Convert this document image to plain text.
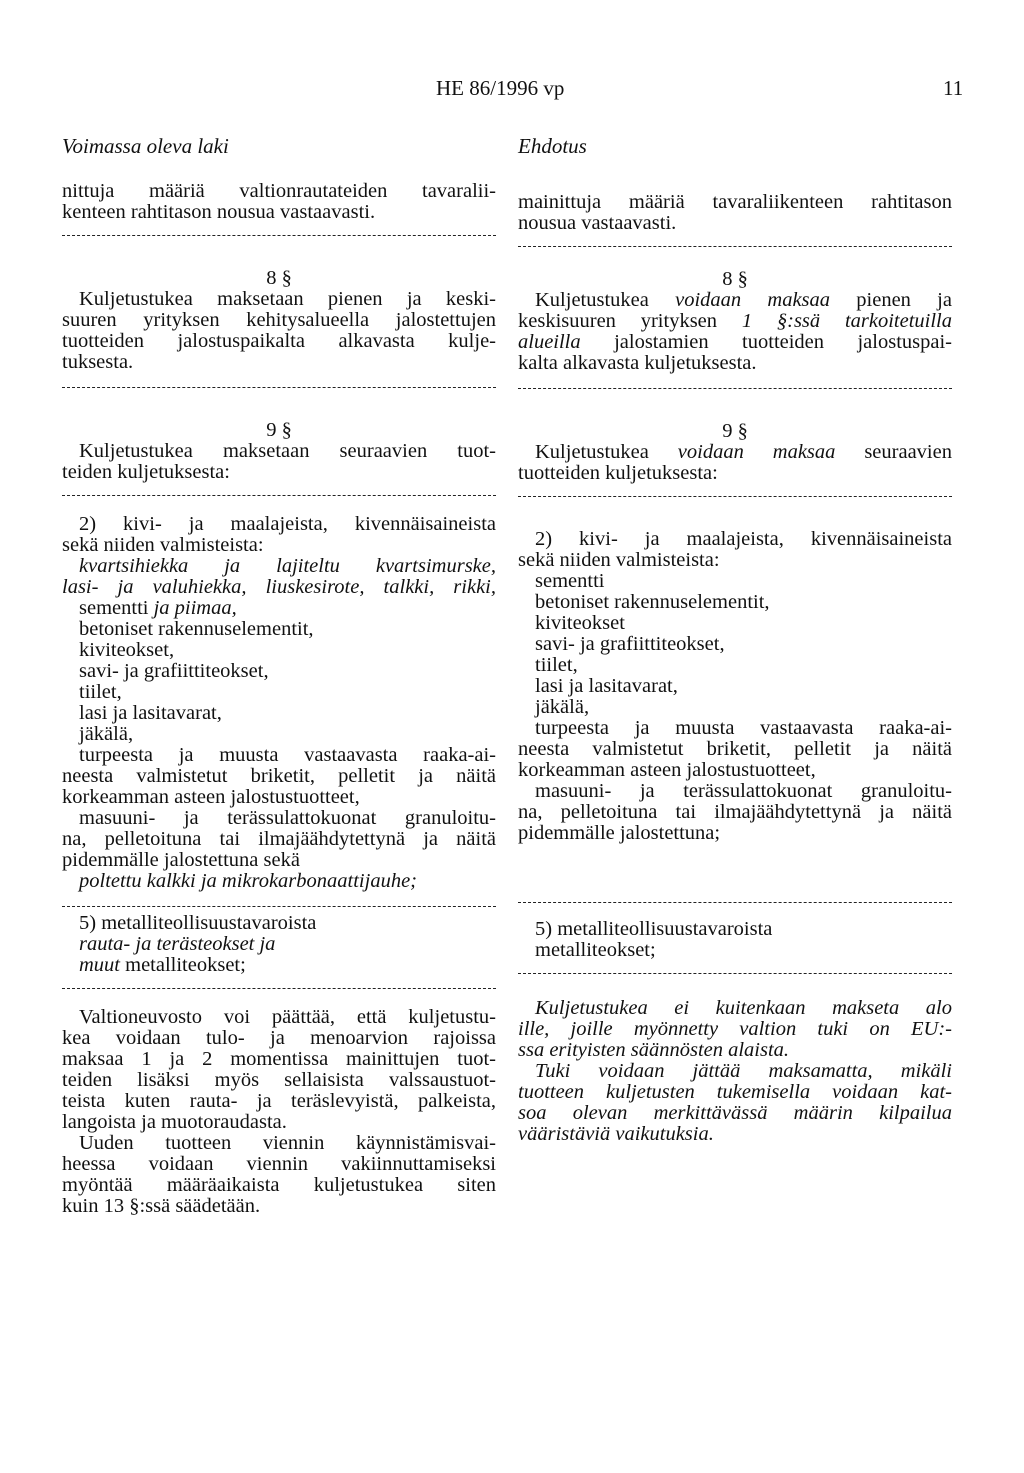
HE 86/1996 vp	11
Voimassa oleva laki	Ehdotus

nittuja määriä valtionrautateiden tavaralii-
kenteen rahtitason nousua vastaavasti.

8 §

Kuljetustukea maksetaan pienen ja keski-
suuren yrityksen kehitysalueella jalostettujen
tuotteiden jalostuspaikalta alkavasta kulje-
tuksesta.

9 §

Kuljetustukea maksetaan seuraavien tuot-
teiden kuljetuksesta:

2) kivi- ja maalajeista, kivennäisaineista
sekä niiden valmisteista:
kvartsihiekka ja lajiteltu kvartsimurske,
lasi- ja valuhiekka, liuskesirote, talkki, rikki,
sementti ja piimaa,
betoniset rakennuselementit,
kiviteokset,
savi- ja grafiittiteokset,
tiilet,
lasi ja lasitavarat,
jäkälä,
turpeesta ja muusta vastaavasta raaka-ai-
neesta valmistetut briketit, pelletit ja näitä
korkeamman asteen jalostustuotteet,
masuuni- ja terässulattokuonat granuloitu-
na, pelletoituna tai ilmajäähdytettynä ja näitä
pidemmälle jalostettuna sekä
poltettu kalkki ja mikrokarbonaattijauhe;

5) metalliteollisuustavaroista
rauta- ja terästeokset ja
muut metalliteokset;

Valtioneuvosto voi päättää, että kuljetustu-
kea voidaan tulo- ja menoarvion rajoissa
maksaa 1 ja 2 momentissa mainittujen tuot-
teiden lisäksi myös sellaisista valssaustuot-
teista kuten rauta- ja teräslevyistä, palkeista,
langoista ja muotoraudasta.

Uuden tuotteen viennin käynnistämisvai-
heessa voidaan viennin vakiinnuttamiseksi
myöntää määräaikaista kuljetustukea siten
kuin 13 §:ssä säädetään.

mainittuja määriä tavaraliikenteen rahtitason
nousua vastaavasti.

8 §

Kuljetustukea voidaan maksaa pienen ja
keskisuuren yrityksen 1 §:ssä tarkoitetuilla
alueilla jalostamien tuotteiden jalostuspai-
kalta alkavasta kuljetuksesta.

9 §

Kuljetustukea voidaan maksaa seuraavien
tuotteiden kuljetuksesta:

2) kivi- ja maalajeista, kivennäisaineista
sekä niiden valmisteista:
sementti
betoniset rakennuselementit,
kiviteokset
savi- ja grafiittiteokset,
tiilet,
lasi ja lasitavarat,
jäkälä,
turpeesta ja muusta vastaavasta raaka-ai-
neesta valmistetut briketit, pelletit ja näitä
korkeamman asteen jalostustuotteet,
masuuni- ja terässulattokuonat granuloitu-
na, pelletoituna tai ilmajäähdytettynä ja näitä
pidemmälle jalostettuna;

5) metalliteollisuustavaroista
metalliteokset;

Kuljetustukea ei kuitenkaan makseta alo
ille, joille myönnetty valtion tuki on EU:-
ssa erityisten säännösten alaista.

Tuki voidaan jättää maksamatta, mikäli
tuotteen kuljetusten tukemisella voidaan kat-
soa olevan merkittävässä määrin kilpailua
vääristäviä vaikutuksia.
